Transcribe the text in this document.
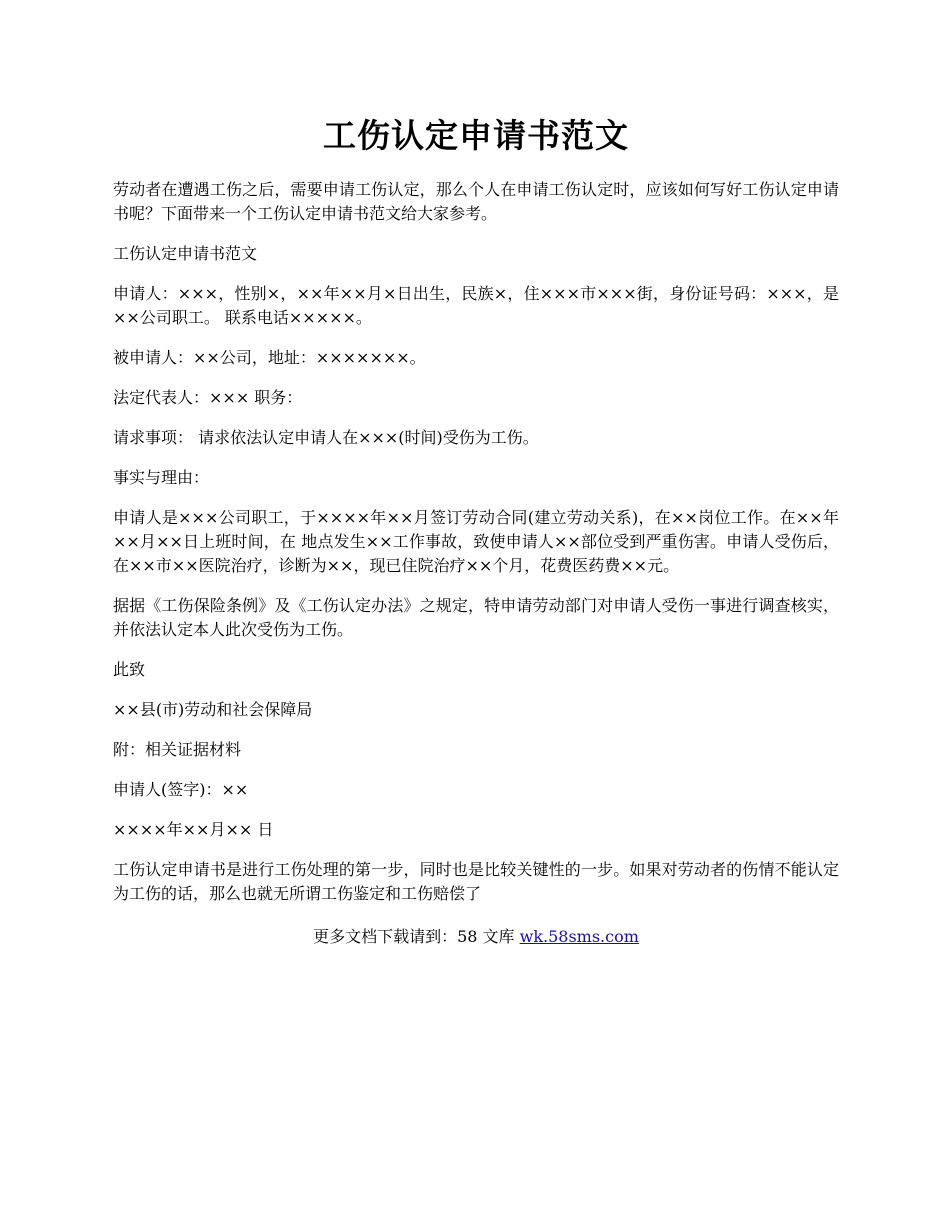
工伤认定申请书范文

劳动者在遭遇工伤之后，需要申请工伤认定，那么个人在申请工伤认定时，应该如何写好工伤认定申请书呢？下面带来一个工伤认定申请书范文给大家参考。

工伤认定申请书范文

申请人：×××，性别×，××年××月×日出生，民族×，住×××市×××街，身份证号码：×××，是××公司职工。 联系电话×××××。

被申请人：××公司，地址：×××××××。

法定代表人：××× 职务：

请求事项： 请求依法认定申请人在×××(时间)受伤为工伤。

事实与理由：

申请人是×××公司职工，于××××年××月签订劳动合同(建立劳动关系)，在××岗位工作。在××年××月××日上班时间，在 地点发生××工作事故，致使申请人××部位受到严重伤害。申请人受伤后，在××市××医院治疗，诊断为××，现已住院治疗××个月，花费医药费××元。

据据《工伤保险条例》及《工伤认定办法》之规定，特申请劳动部门对申请人受伤一事进行调查核实，并依法认定本人此次受伤为工伤。

此致

××县(市)劳动和社会保障局

附：相关证据材料

申请人(签字)：××

××××年××月×× 日

工伤认定申请书是进行工伤处理的第一步，同时也是比较关键性的一步。如果对劳动者的伤情不能认定为工伤的话，那么也就无所谓工伤鉴定和工伤赔偿了

更多文档下载请到：58 文库 wk.58sms.com
